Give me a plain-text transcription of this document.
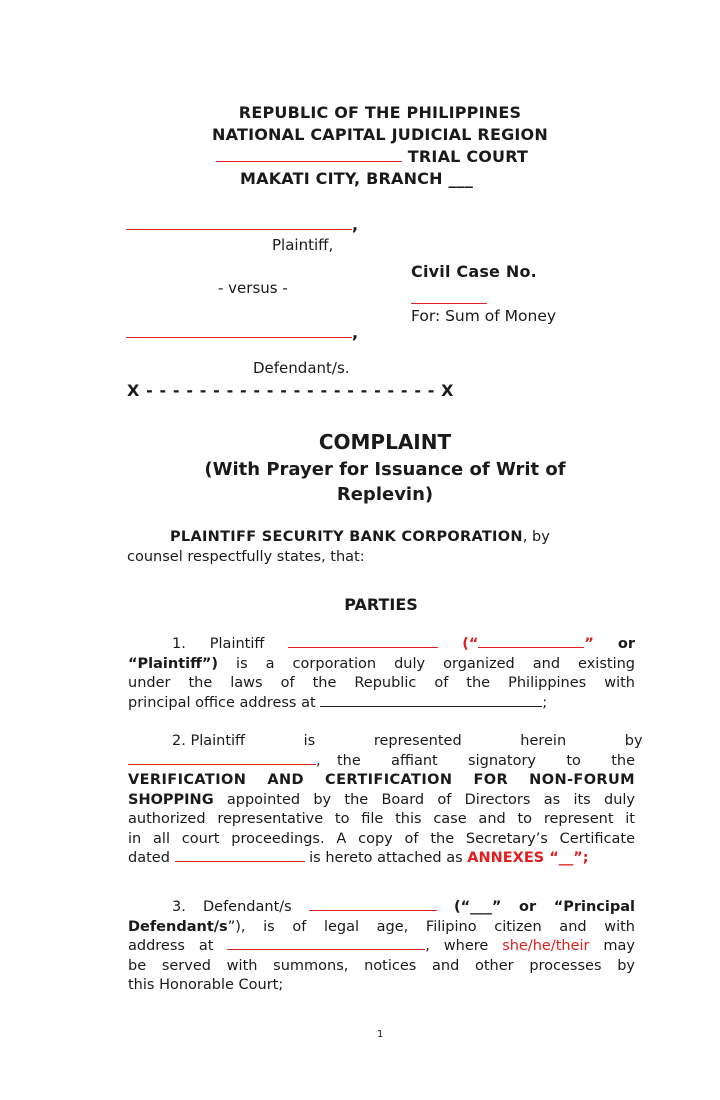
REPUBLIC OF THE PHILIPPINES
NATIONAL CAPITAL JUDICIAL REGION
TRIAL COURT
MAKATI CITY, BRANCH ___
,
Plaintiff,
Civil Case No.
- versus -
For: Sum of Money
,
Defendant/s.
X - - - - - - - - - - - - - - - - - - - - - - X
COMPLAINT
(With Prayer for Issuance of Writ of
Replevin)
PLAINTIFF SECURITY BANK CORPORATION, by
counsel respectfully states, that:
PARTIES
1. Plaintiff	(“	” or
“Plaintiff”) is a corporation duly organized and existing
under the laws of the Republic of the Philippines with
principal office address at	;
2. Plaintiff is represented herein by
, the affiant signatory to the
VERIFICATION AND CERTIFICATION FOR NON-FORUM
SHOPPING appointed by the Board of Directors as its duly
authorized representative to file this case and to represent it
in all court proceedings. A copy of the Secretary’s Certificate
dated	is hereto attached as ANNEXES “__”;
3. Defendant/s	(“___” or “Principal
Defendant/s”), is of legal age, Filipino citizen and with
address at	, where she/he/their may
be served with summons, notices and other processes by
this Honorable Court;
1
